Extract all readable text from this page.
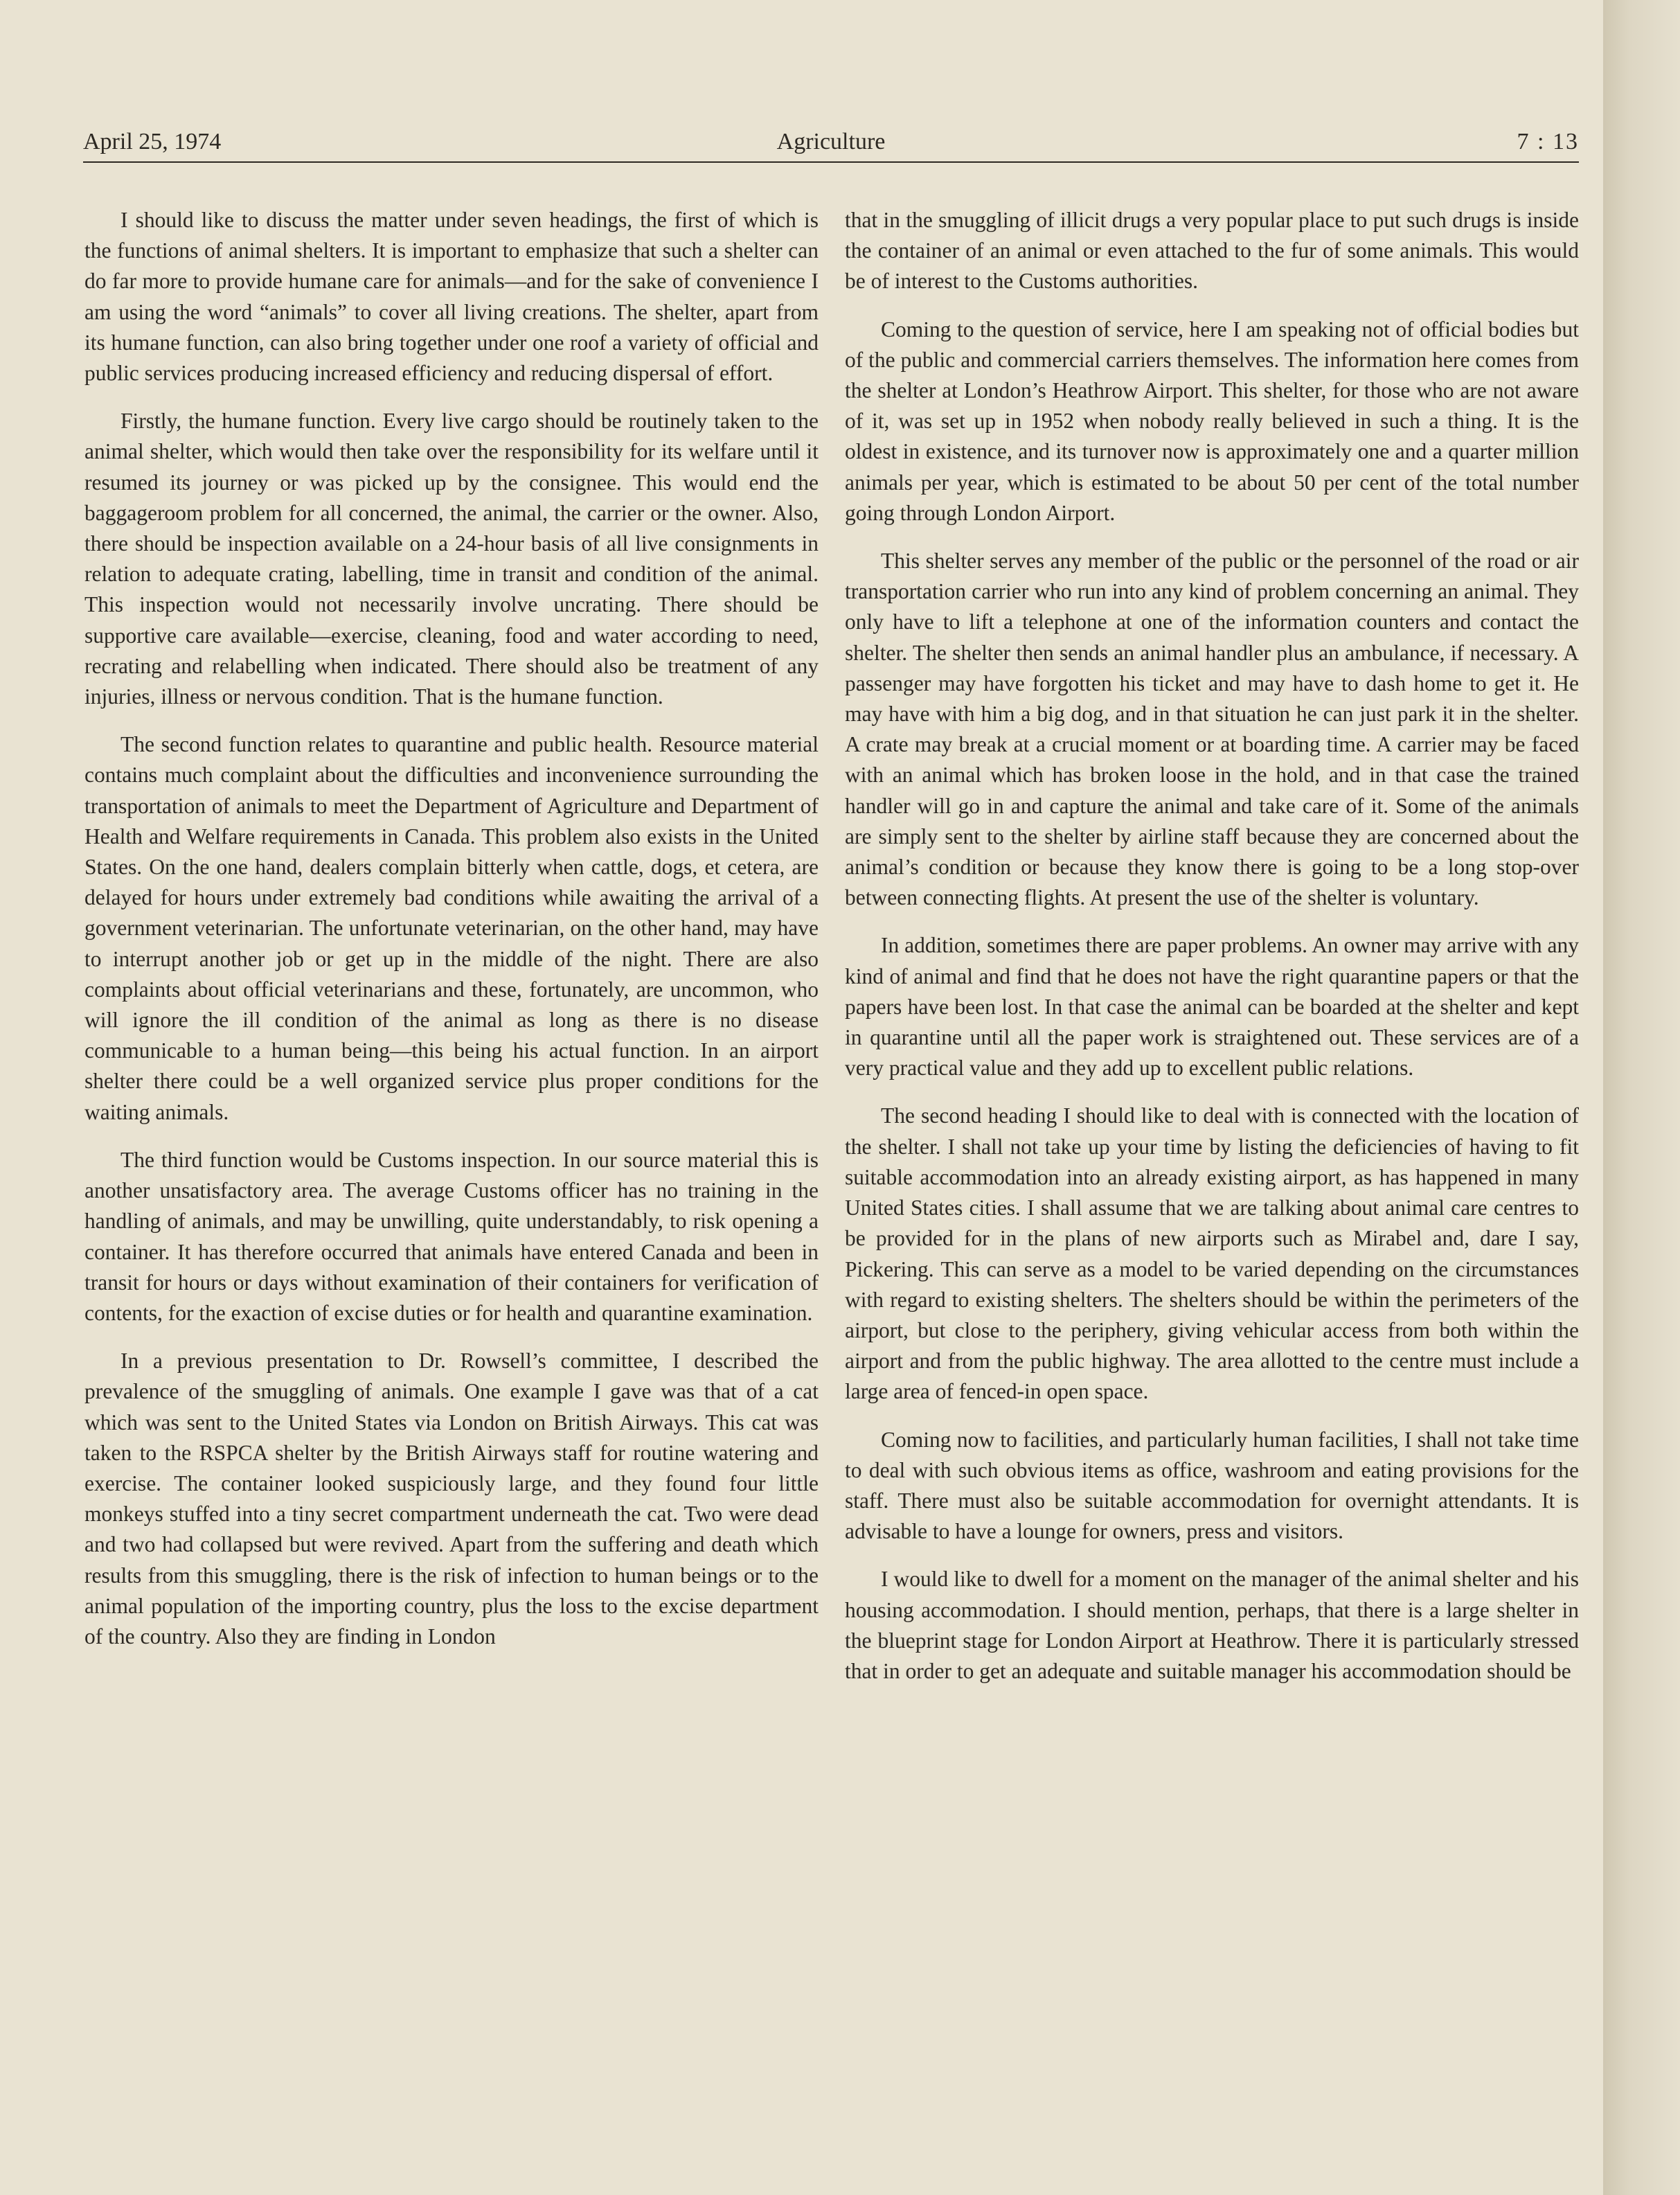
April 25, 1974	Agriculture	7 : 13

I should like to discuss the matter under seven headings, the first of which is the functions of animal shelters. It is important to emphasize that such a shelter can do far more to provide humane care for animals—and for the sake of convenience I am using the word “animals” to cover all living creations. The shelter, apart from its humane function, can also bring together under one roof a variety of official and public services producing increased efficiency and reducing dispersal of effort.

Firstly, the humane function. Every live cargo should be routinely taken to the animal shelter, which would then take over the responsibility for its welfare until it resumed its journey or was picked up by the consignee. This would end the baggageroom problem for all concerned, the animal, the carrier or the owner. Also, there should be inspection available on a 24-hour basis of all live consignments in relation to adequate crating, labelling, time in transit and condition of the animal. This inspection would not necessarily involve uncrating. There should be supportive care available—exercise, cleaning, food and water according to need, recrating and relabelling when indicated. There should also be treatment of any injuries, illness or nervous condition. That is the humane function.

The second function relates to quarantine and public health. Resource material contains much complaint about the difficulties and inconvenience surrounding the transportation of animals to meet the Department of Agriculture and Department of Health and Welfare requirements in Canada. This problem also exists in the United States. On the one hand, dealers complain bitterly when cattle, dogs, et cetera, are delayed for hours under extremely bad conditions while awaiting the arrival of a government veterinarian. The unfortunate veterinarian, on the other hand, may have to interrupt another job or get up in the middle of the night. There are also complaints about official veterinarians and these, fortunately, are uncommon, who will ignore the ill condition of the animal as long as there is no disease communicable to a human being—this being his actual function. In an airport shelter there could be a well organized service plus proper conditions for the waiting animals.

The third function would be Customs inspection. In our source material this is another unsatisfactory area. The average Customs officer has no training in the handling of animals, and may be unwilling, quite understandably, to risk opening a container. It has therefore occurred that animals have entered Canada and been in transit for hours or days without examination of their containers for verification of contents, for the exaction of excise duties or for health and quarantine examination.

In a previous presentation to Dr. Rowsell’s committee, I described the prevalence of the smuggling of animals. One example I gave was that of a cat which was sent to the United States via London on British Airways. This cat was taken to the RSPCA shelter by the British Airways staff for routine watering and exercise. The container looked suspiciously large, and they found four little monkeys stuffed into a tiny secret compartment underneath the cat. Two were dead and two had collapsed but were revived. Apart from the suffering and death which results from this smuggling, there is the risk of infection to human beings or to the animal population of the importing country, plus the loss to the excise department of the country. Also they are finding in London

that in the smuggling of illicit drugs a very popular place to put such drugs is inside the container of an animal or even attached to the fur of some animals. This would be of interest to the Customs authorities.

Coming to the question of service, here I am speaking not of official bodies but of the public and commercial carriers themselves. The information here comes from the shelter at London’s Heathrow Airport. This shelter, for those who are not aware of it, was set up in 1952 when nobody really believed in such a thing. It is the oldest in existence, and its turnover now is approximately one and a quarter million animals per year, which is estimated to be about 50 per cent of the total number going through London Airport.

This shelter serves any member of the public or the personnel of the road or air transportation carrier who run into any kind of problem concerning an animal. They only have to lift a telephone at one of the information counters and contact the shelter. The shelter then sends an animal handler plus an ambulance, if necessary. A passenger may have forgotten his ticket and may have to dash home to get it. He may have with him a big dog, and in that situation he can just park it in the shelter. A crate may break at a crucial moment or at boarding time. A carrier may be faced with an animal which has broken loose in the hold, and in that case the trained handler will go in and capture the animal and take care of it. Some of the animals are simply sent to the shelter by airline staff because they are concerned about the animal’s condition or because they know there is going to be a long stop-over between connecting flights. At present the use of the shelter is voluntary.

In addition, sometimes there are paper problems. An owner may arrive with any kind of animal and find that he does not have the right quarantine papers or that the papers have been lost. In that case the animal can be boarded at the shelter and kept in quarantine until all the paper work is straightened out. These services are of a very practical value and they add up to excellent public relations.

The second heading I should like to deal with is connected with the location of the shelter. I shall not take up your time by listing the deficiencies of having to fit suitable accommodation into an already existing airport, as has happened in many United States cities. I shall assume that we are talking about animal care centres to be provided for in the plans of new airports such as Mirabel and, dare I say, Pickering. This can serve as a model to be varied depending on the circumstances with regard to existing shelters. The shelters should be within the perimeters of the airport, but close to the periphery, giving vehicular access from both within the airport and from the public highway. The area allotted to the centre must include a large area of fenced-in open space.

Coming now to facilities, and particularly human facilities, I shall not take time to deal with such obvious items as office, washroom and eating provisions for the staff. There must also be suitable accommodation for overnight attendants. It is advisable to have a lounge for owners, press and visitors.

I would like to dwell for a moment on the manager of the animal shelter and his housing accommodation. I should mention, perhaps, that there is a large shelter in the blueprint stage for London Airport at Heathrow. There it is particularly stressed that in order to get an adequate and suitable manager his accommodation should be
